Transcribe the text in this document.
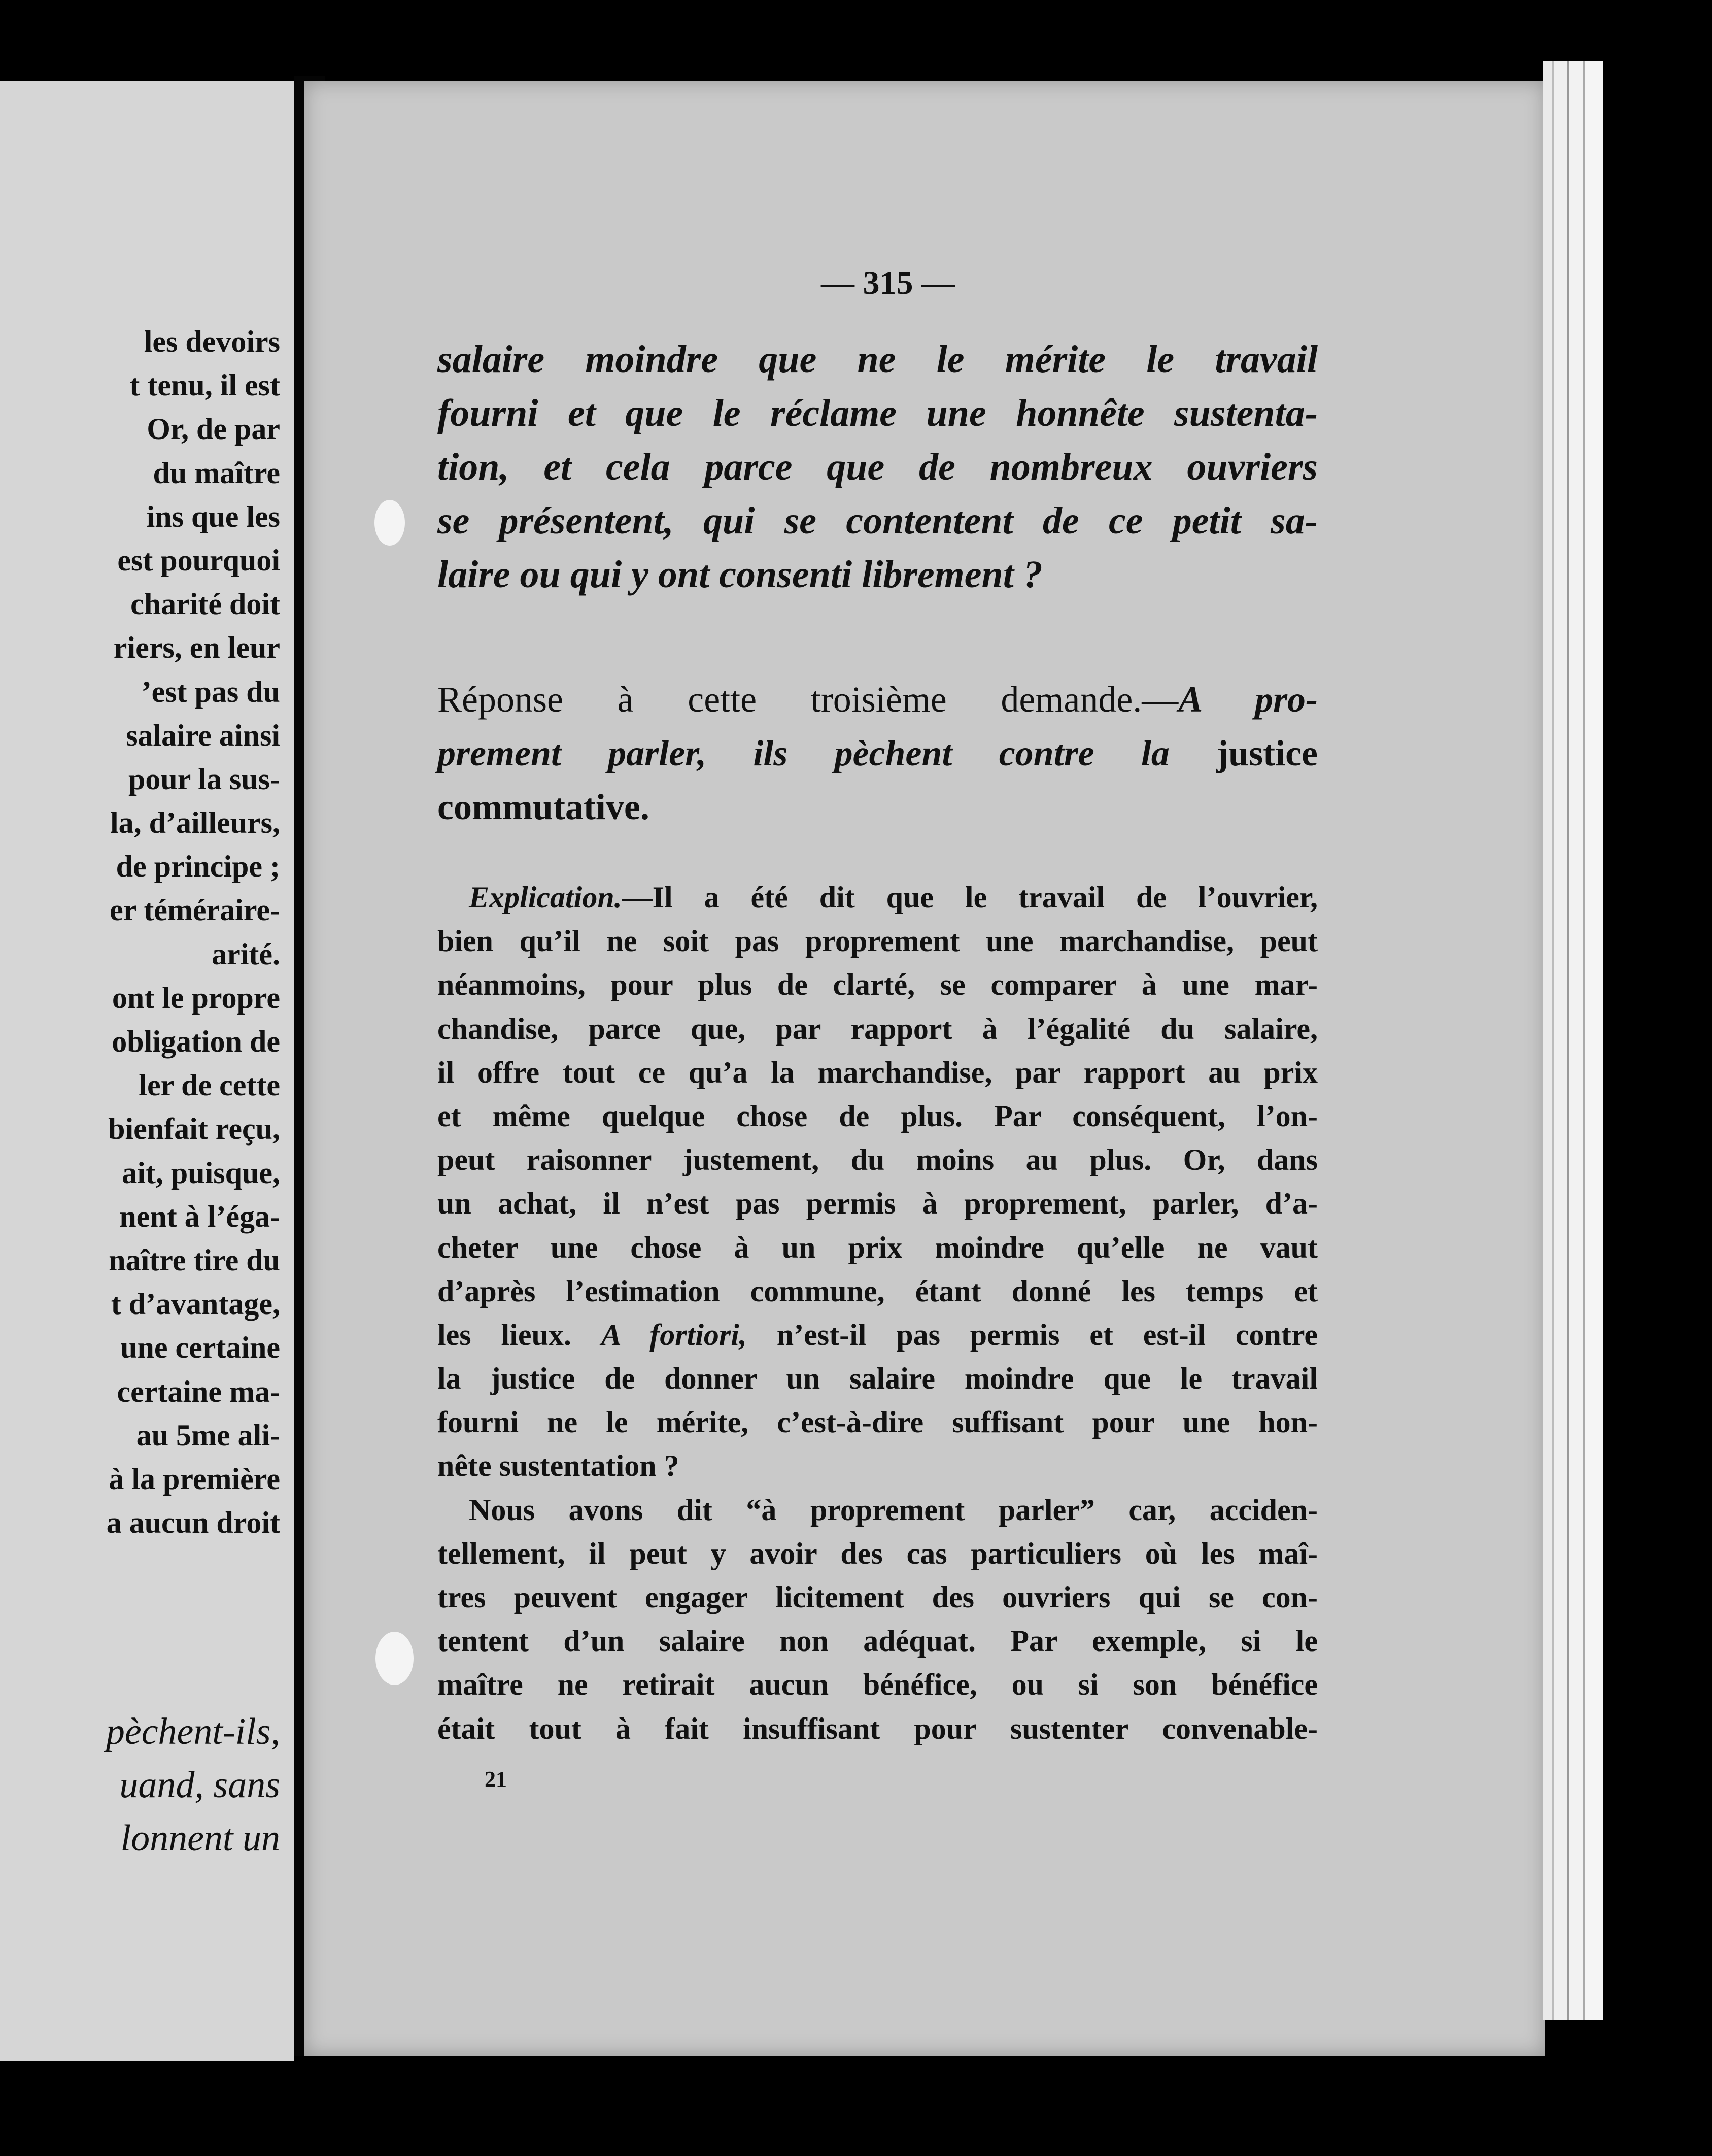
les devoirs
t tenu, il est
Or, de par
du maître
ins que les
est pourquoi
charité doit
riers, en leur
’est pas du
salaire ainsi
pour la sus-
la, d’ailleurs,
de principe ;
er téméraire-
arité.
ont le propre
obligation de
ler de cette
bienfait reçu,
ait, puisque,
nent à l’éga-
naître tire du
t d’avantage,
une certaine
certaine ma-
au 5me ali-
à la première
a aucun droit
pèchent-ils,
uand, sans
lonnent un
— 315 —
salaire moindre que ne le mérite le travail
fourni et que le réclame une honnête sustenta-
tion, et cela parce que de nombreux ouvriers
se présentent, qui se contentent de ce petit sa-
laire ou qui y ont consenti librement ?
Réponse à cette troisième demande.—A pro-
prement parler, ils pèchent contre la justice
commutative.
Explication.—Il a été dit que le travail de l’ouvrier,
bien qu’il ne soit pas proprement une marchandise, peut
néanmoins, pour plus de clarté, se comparer à une mar-
chandise, parce que, par rapport à l’égalité du salaire,
il offre tout ce qu’a la marchandise, par rapport au prix
et même quelque chose de plus. Par conséquent, l’on-
peut raisonner justement, du moins au plus. Or, dans
un achat, il n’est pas permis à proprement, parler, d’a-
cheter une chose à un prix moindre qu’elle ne vaut
d’après l’estimation commune, étant donné les temps et
les lieux. A fortiori, n’est-il pas permis et est-il contre
la justice de donner un salaire moindre que le travail
fourni ne le mérite, c’est-à-dire suffisant pour une hon-
nête sustentation ?
Nous avons dit “à proprement parler” car, acciden-
tellement, il peut y avoir des cas particuliers où les maî-
tres peuvent engager licitement des ouvriers qui se con-
tentent d’un salaire non adéquat. Par exemple, si le
maître ne retirait aucun bénéfice, ou si son bénéfice
était tout à fait insuffisant pour sustenter convenable-
21
